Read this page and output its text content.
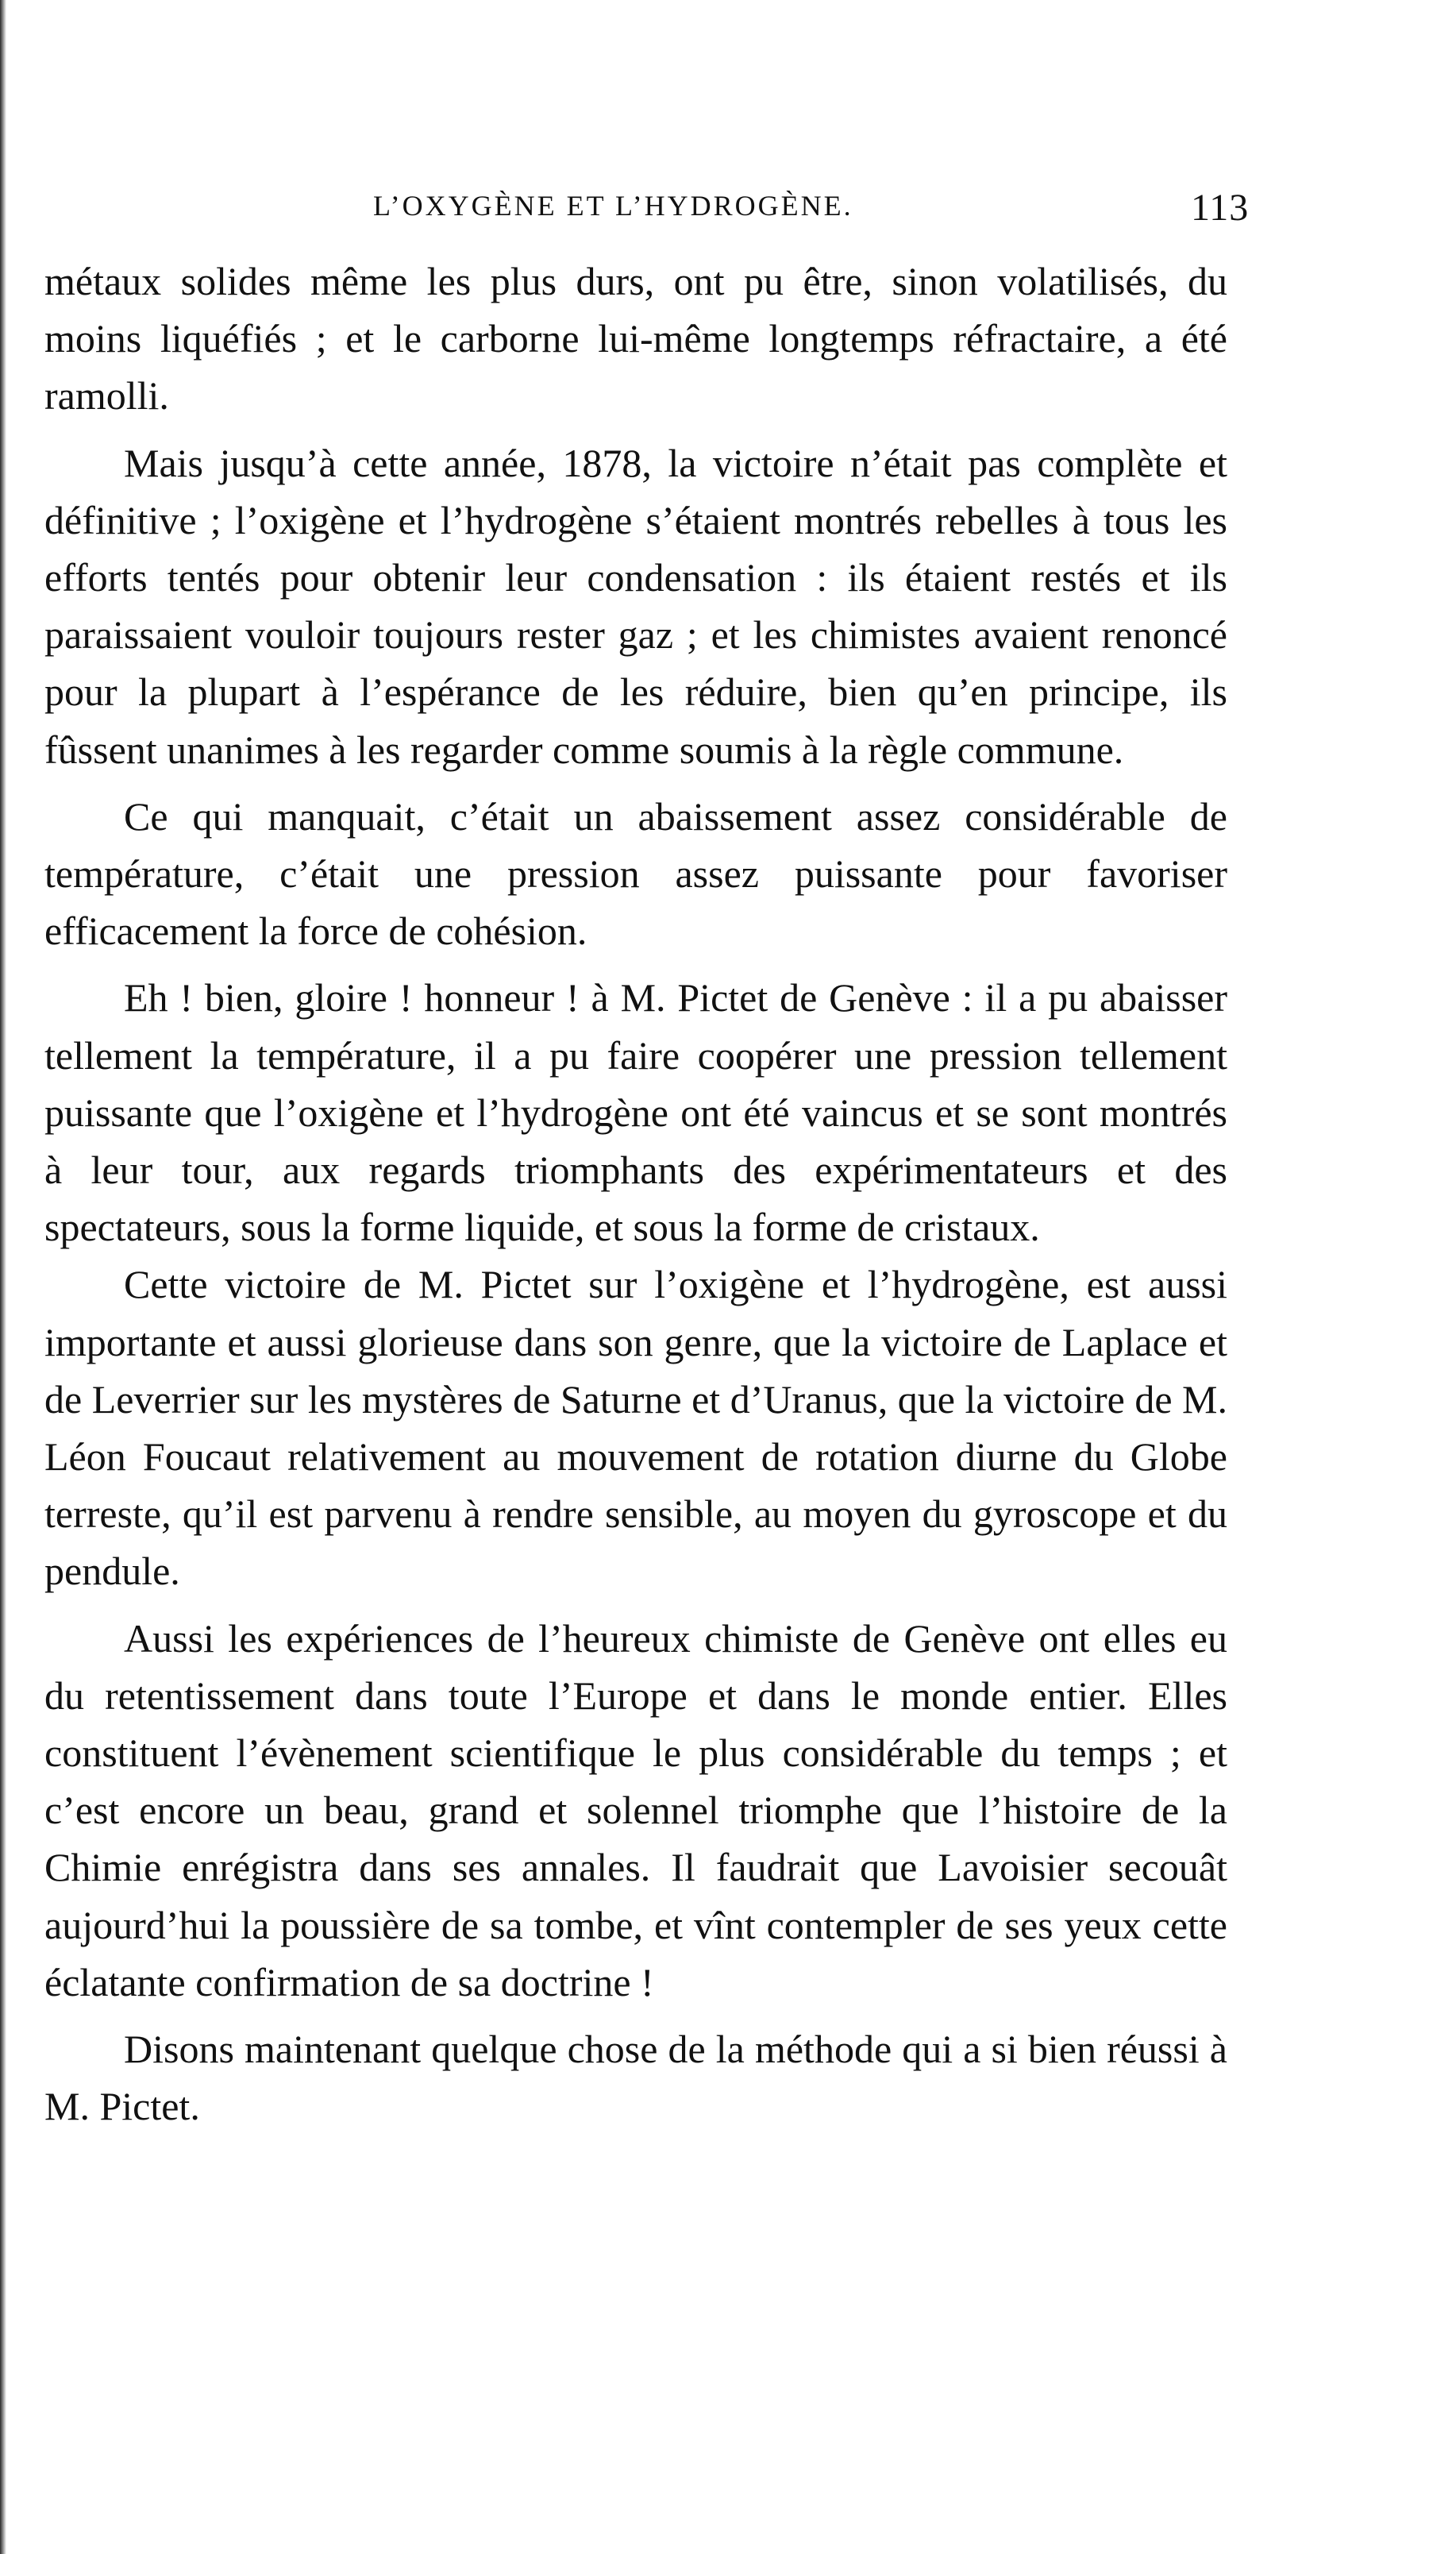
L’OXYGÈNE ET L’HYDROGÈNE.	113

métaux solides même les plus durs, ont pu être, sinon volatilisés, du moins liquéfiés ; et le carborne lui-même longtemps réfractaire, a été ramolli.

Mais jusqu’à cette année, 1878, la victoire n’était pas complète et définitive ; l’oxigène et l’hydrogène s’étaient montrés rebelles à tous les efforts tentés pour obtenir leur condensation : ils étaient restés et ils paraissaient vouloir toujours rester gaz ; et les chimistes avaient renoncé pour la plupart à l’espérance de les réduire, bien qu’en principe, ils fûssent unanimes à les regarder comme soumis à la règle commune.

Ce qui manquait, c’était un abaissement assez considérable de température, c’était une pression assez puissante pour favoriser efficacement la force de cohésion.

Eh ! bien, gloire ! honneur ! à M. Pictet de Genève : il a pu abaisser tellement la température, il a pu faire coopérer une pression tellement puissante que l’oxigène et l’hydrogène ont été vaincus et se sont montrés à leur tour, aux regards triomphants des expérimentateurs et des spectateurs, sous la forme liquide, et sous la forme de cristaux.

Cette victoire de M. Pictet sur l’oxigène et l’hydrogène, est aussi importante et aussi glorieuse dans son genre, que la victoire de Laplace et de Leverrier sur les mystères de Saturne et d’Uranus, que la victoire de M. Léon Foucaut relativement au mouvement de rotation diurne du Globe terreste, qu’il est parvenu à rendre sensible, au moyen du gyroscope et du pendule.

Aussi les expériences de l’heureux chimiste de Genève ont elles eu du retentissement dans toute l’Europe et dans le monde entier. Elles constituent l’évènement scientifique le plus considérable du temps ; et c’est encore un beau, grand et solennel triomphe que l’histoire de la Chimie enrégistra dans ses annales. Il faudrait que Lavoisier secouât aujourd’hui la poussière de sa tombe, et vînt contempler de ses yeux cette éclatante confirmation de sa doctrine !

Disons maintenant quelque chose de la méthode qui a si bien réussi à M. Pictet.
